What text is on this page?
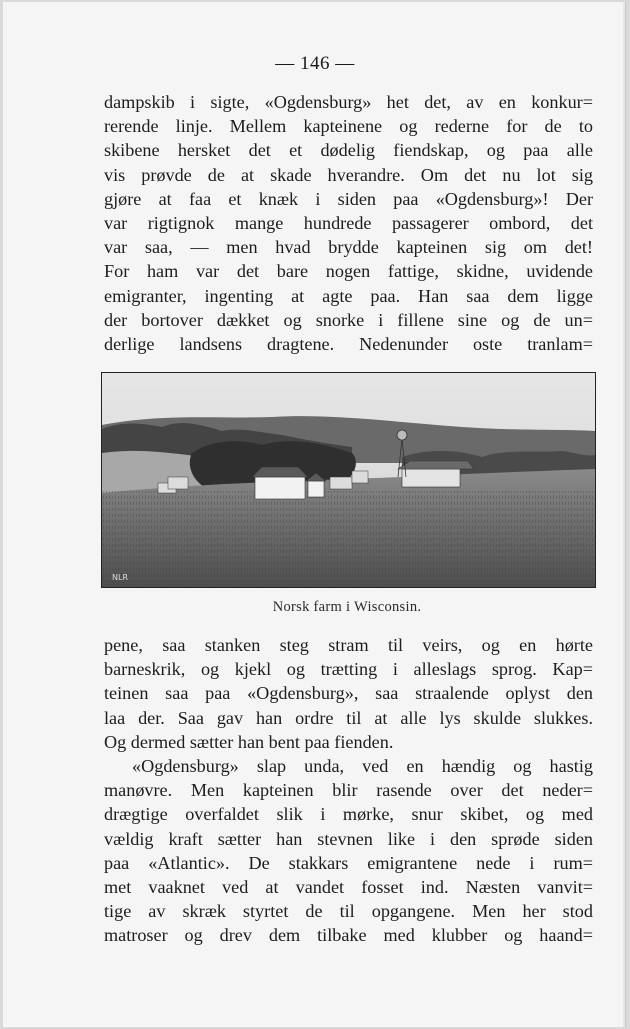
— 146 —
dampskib i sigte, «Ogdensburg» het det, av en konkur=
rerende linje. Mellem kapteinene og rederne for de to
skibene hersket det et dødelig fiendskap, og paa alle
vis prøvde de at skade hverandre. Om det nu lot sig
gjøre at faa et knæk i siden paa «Ogdensburg»! Der
var rigtignok mange hundrede passagerer ombord, det
var saa, — men hvad brydde kapteinen sig om det!
For ham var det bare nogen fattige, skidne, uvidende
emigranter, ingenting at agte paa. Han saa dem ligge
der bortover dækket og snorke i fillene sine og de un=
derlige landsens dragtene. Nedenunder oste tranlam=
NLR
Norsk farm i Wisconsin.
pene, saa stanken steg stram til veirs, og en hørte
barneskrik, og kjekl og trætting i alleslags sprog. Kap=
teinen saa paa «Ogdensburg», saa straalende oplyst den
laa der. Saa gav han ordre til at alle lys skulde slukkes.
Og dermed sætter han bent paa fienden.
«Ogdensburg» slap unda, ved en hændig og hastig
manøvre. Men kapteinen blir rasende over det neder=
drægtige overfaldet slik i mørke, snur skibet, og med
vældig kraft sætter han stevnen like i den sprøde siden
paa «Atlantic». De stakkars emigrantene nede i rum=
met vaaknet ved at vandet fosset ind. Næsten vanvit=
tige av skræk styrtet de til opgangene. Men her stod
matroser og drev dem tilbake med klubber og haand=
